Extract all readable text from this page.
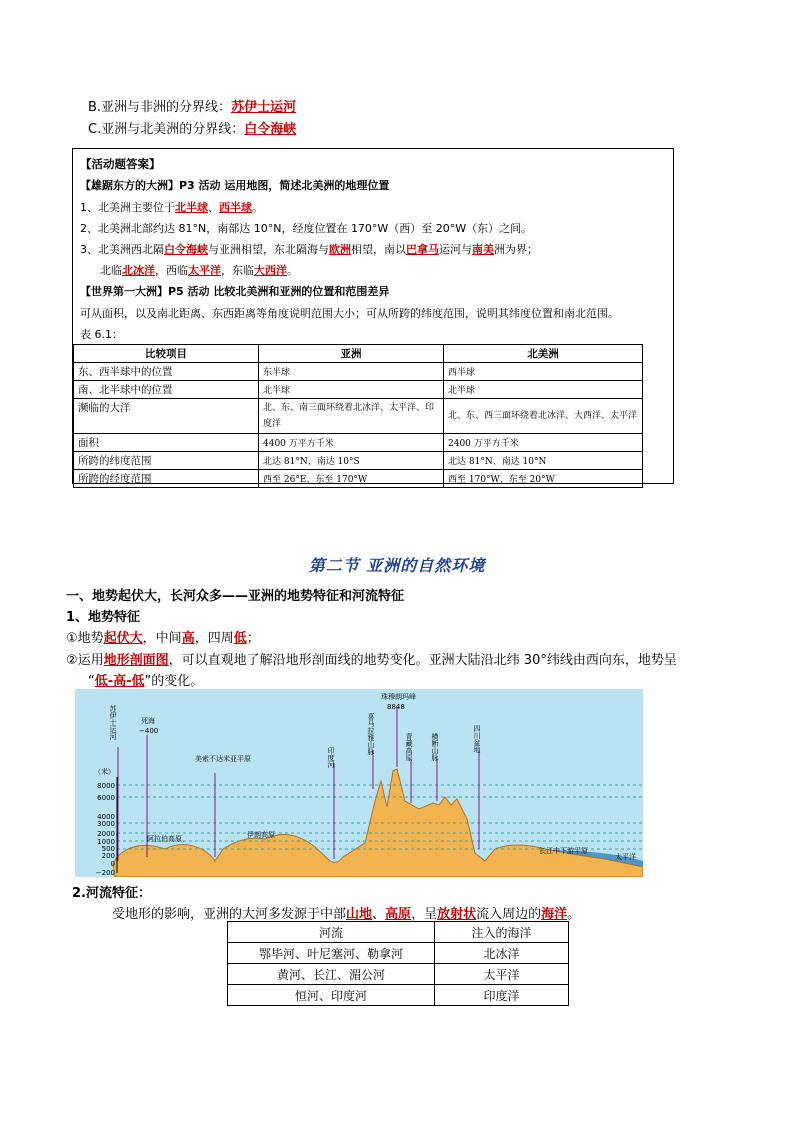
B.亚洲与非洲的分界线：苏伊士运河
C.亚洲与北美洲的分界线：白令海峡
【活动题答案】
【雄踞东方的大洲】P3 活动 运用地图，简述北美洲的地理位置
1、北美洲主要位于北半球、西半球。
2、北美洲北部约达 81°N，南部达 10°N，经度位置在 170°W（西）至 20°W（东）之间。
3、北美洲西北隔白令海峡与亚洲相望，东北隔海与欧洲相望，南以巴拿马运河与南美洲为界；
北临北冰洋，西临太平洋，东临大西洋。
【世界第一大洲】P5 活动 比较北美洲和亚洲的位置和范围差异
可从面积，以及南北距离、东西距离等角度说明范围大小；可从所跨的纬度范围，说明其纬度位置和南北范围。
表 6.1：
比较项目	亚洲	北美洲
东、西半球中的位置	东半球	西半球
南、北半球中的位置	北半球	北半球
濒临的大洋	北、东、南三面环绕着北冰洋、太平洋、印度洋	北、东、西三面环绕着北冰洋、大西洋、太平洋
面积	4400 万平方千米	2400 万平方千米
所跨的纬度范围	北达 81°N、南达 10°S	北达 81°N、南达 10°N
所跨的经度范围	西至 26°E、东至 170°W	西至 170°W、东至 20°W
第二节 亚洲的自然环境
一、地势起伏大，长河众多——亚洲的地势特征和河流特征
1、地势特征
①地势起伏大，中间高，四周低；
②运用地形剖面图，可以直观地了解沿地形剖面线的地势变化。亚洲大陆沿北纬 30°纬线由西向东，地势呈
“低-高-低”的变化。
（米）
8000
6000
4000
3000
2000
1000
500
200
0
−200
苏伊士运河	死海
−400
美索不达米亚平原	印度河
珠穆朗玛峰
8848
喜马拉雅山脉	青藏高原	横断山脉	四川盆地
阿拉伯高原	伊朗高原
长江中下游平原
太平洋
2.河流特征：
受地形的影响，亚洲的大河多发源于中部山地、高原，呈放射状流入周边的海洋。
河流	注入的海洋
鄂毕河、叶尼塞河、勒拿河	北冰洋
黄河、长江、湄公河	太平洋
恒河、印度河	印度洋
